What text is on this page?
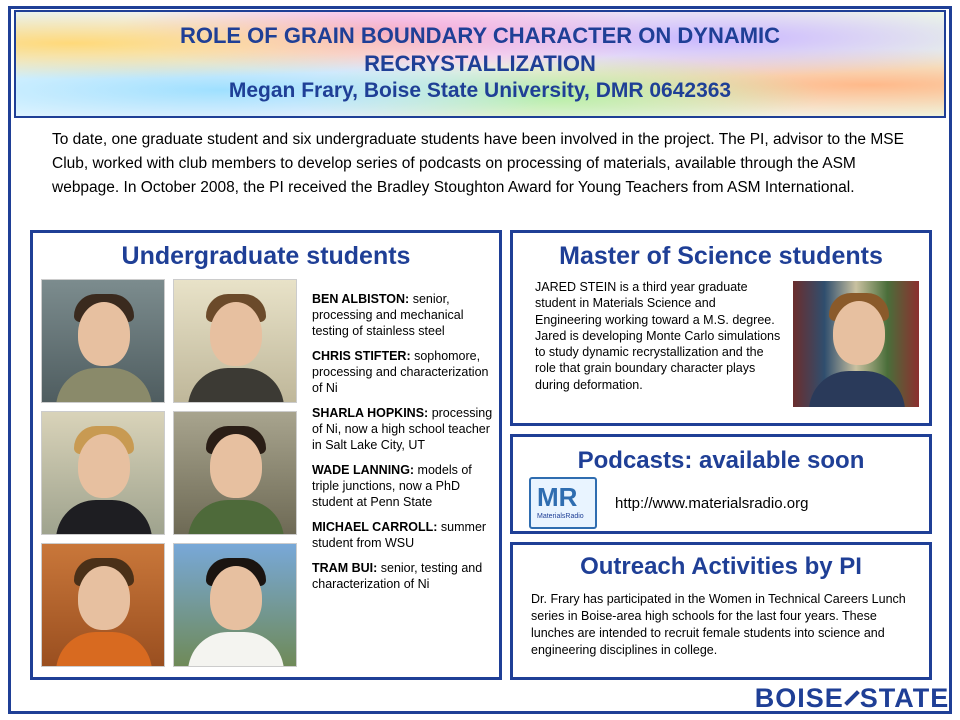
ROLE OF GRAIN BOUNDARY CHARACTER ON DYNAMIC RECRYSTALLIZATION
Megan Frary, Boise State University, DMR 0642363
To date, one graduate student and six undergraduate students have been involved in the project. The PI, advisor to the MSE Club, worked with club members to develop series of podcasts on processing of materials, available through the ASM webpage. In October 2008, the PI received the Bradley Stoughton Award for Young Teachers from ASM International.
Undergraduate students
BEN ALBISTON: senior, processing and mechanical testing of stainless steel
CHRIS STIFTER: sophomore, processing and characterization of Ni
SHARLA HOPKINS: processing of Ni, now a high school teacher in Salt Lake City, UT
WADE LANNING: models of triple junctions, now a PhD student at Penn State
MICHAEL CARROLL: summer student from WSU
TRAM BUI: senior, testing and characterization of Ni
Master of Science students
JARED STEIN is a third year graduate student in Materials Science and Engineering working toward a M.S. degree. Jared is developing Monte Carlo simulations to study dynamic recrystallization and the role that grain boundary character plays during deformation.
Podcasts: available soon
MR
MaterialsRadio
http://www.materialsradio.org
Outreach Activities by PI
Dr. Frary has participated in the Women in Technical Careers Lunch series in Boise-area high schools for the last four years. These lunches are intended to recruit female students into science and engineering disciplines in college.
BOISE STATE
